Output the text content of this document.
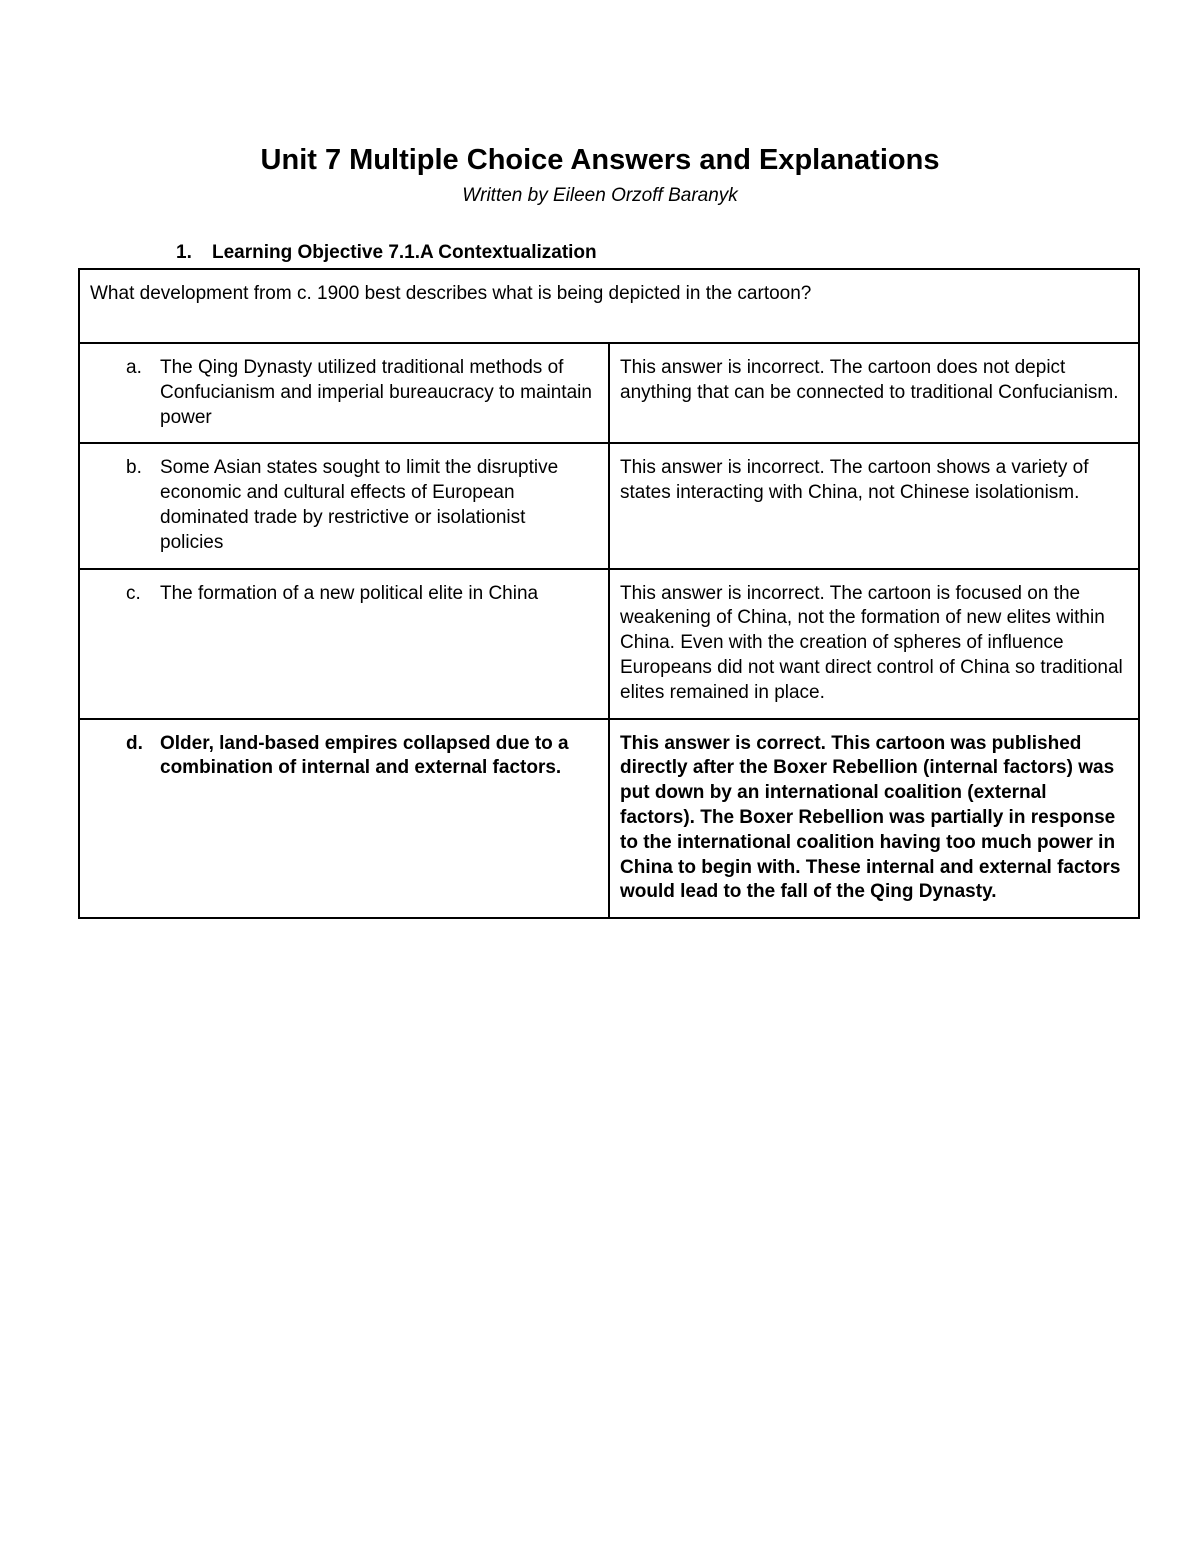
Unit 7 Multiple Choice Answers and Explanations
Written by Eileen Orzoff Baranyk
1. Learning Objective 7.1.A Contextualization
What development from c. 1900 best describes what is being depicted in the cartoon?	

a. The Qing Dynasty utilized traditional methods of Confucianism and imperial bureaucracy to maintain power	This answer is incorrect. The cartoon does not depict anything that can be connected to traditional Confucianism.

b. Some Asian states sought to limit the disruptive economic and cultural effects of European dominated trade by restrictive or isolationist policies	This answer is incorrect. The cartoon shows a variety of states interacting with China, not Chinese isolationism.

c. The formation of a new political elite in China	This answer is incorrect. The cartoon is focused on the weakening of China, not the formation of new elites within China. Even with the creation of spheres of influence Europeans did not want direct control of China so traditional elites remained in place.

d. Older, land-based empires collapsed due to a combination of internal and external factors.	This answer is correct. This cartoon was published directly after the Boxer Rebellion (internal factors) was put down by an international coalition (external factors). The Boxer Rebellion was partially in response to the international coalition having too much power in China to begin with. These internal and external factors would lead to the fall of the Qing Dynasty.
